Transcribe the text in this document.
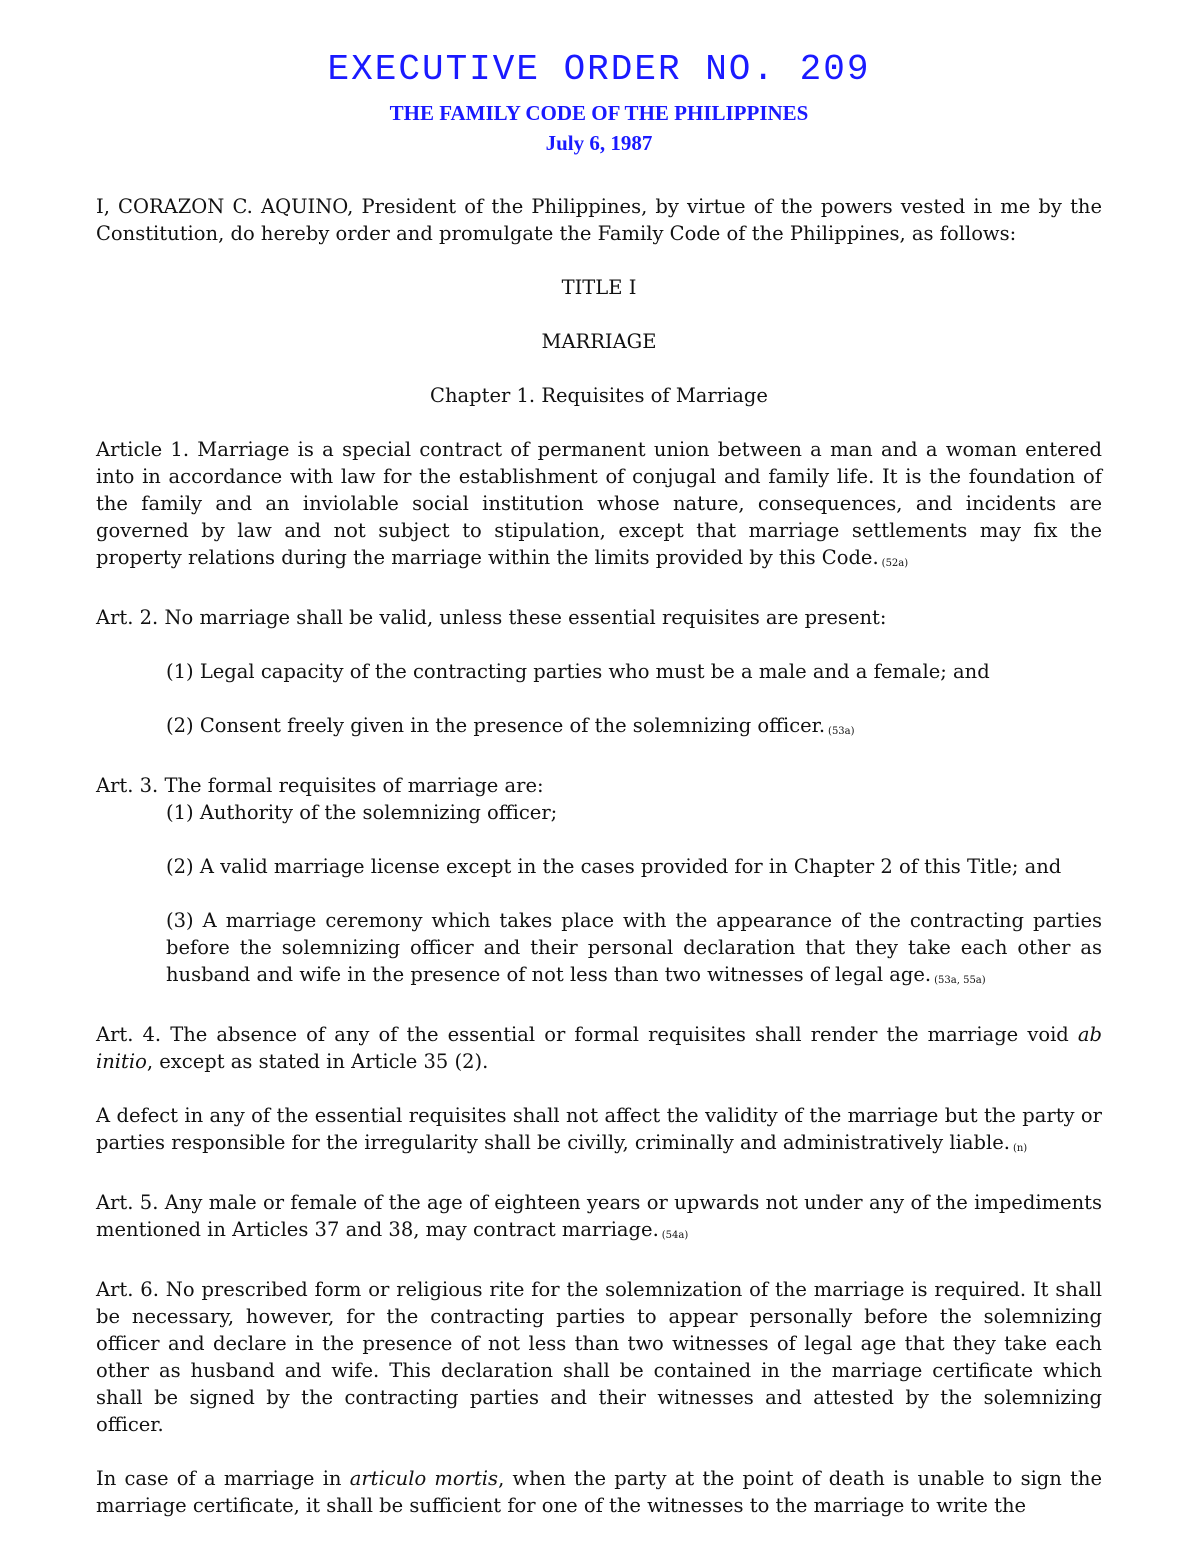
EXECUTIVE ORDER NO. 209
THE FAMILY CODE OF THE PHILIPPINES
July 6, 1987

I, CORAZON C. AQUINO, President of the Philippines, by virtue of the powers vested in me by the Constitution, do hereby order and promulgate the Family Code of the Philippines, as follows:

TITLE I

MARRIAGE

Chapter 1. Requisites of Marriage

Article 1. Marriage is a special contract of permanent union between a man and a woman entered into in accordance with law for the establishment of conjugal and family life. It is the foundation of the family and an inviolable social institution whose nature, consequences, and incidents are governed by law and not subject to stipulation, except that marriage settlements may fix the property relations during the marriage within the limits provided by this Code. (52a)

Art. 2. No marriage shall be valid, unless these essential requisites are present:

(1) Legal capacity of the contracting parties who must be a male and a female; and

(2) Consent freely given in the presence of the solemnizing officer. (53a)

Art. 3. The formal requisites of marriage are:

(1) Authority of the solemnizing officer;

(2) A valid marriage license except in the cases provided for in Chapter 2 of this Title; and

(3) A marriage ceremony which takes place with the appearance of the contracting parties before the solemnizing officer and their personal declaration that they take each other as husband and wife in the presence of not less than two witnesses of legal age. (53a, 55a)

Art. 4. The absence of any of the essential or formal requisites shall render the marriage void ab initio, except as stated in Article 35 (2).

A defect in any of the essential requisites shall not affect the validity of the marriage but the party or parties responsible for the irregularity shall be civilly, criminally and administratively liable. (n)

Art. 5. Any male or female of the age of eighteen years or upwards not under any of the impediments mentioned in Articles 37 and 38, may contract marriage. (54a)

Art. 6. No prescribed form or religious rite for the solemnization of the marriage is required. It shall be necessary, however, for the contracting parties to appear personally before the solemnizing officer and declare in the presence of not less than two witnesses of legal age that they take each other as husband and wife. This declaration shall be contained in the marriage certificate which shall be signed by the contracting parties and their witnesses and attested by the solemnizing officer.

In case of a marriage in articulo mortis, when the party at the point of death is unable to sign the marriage certificate, it shall be sufficient for one of the witnesses to the marriage to write the
